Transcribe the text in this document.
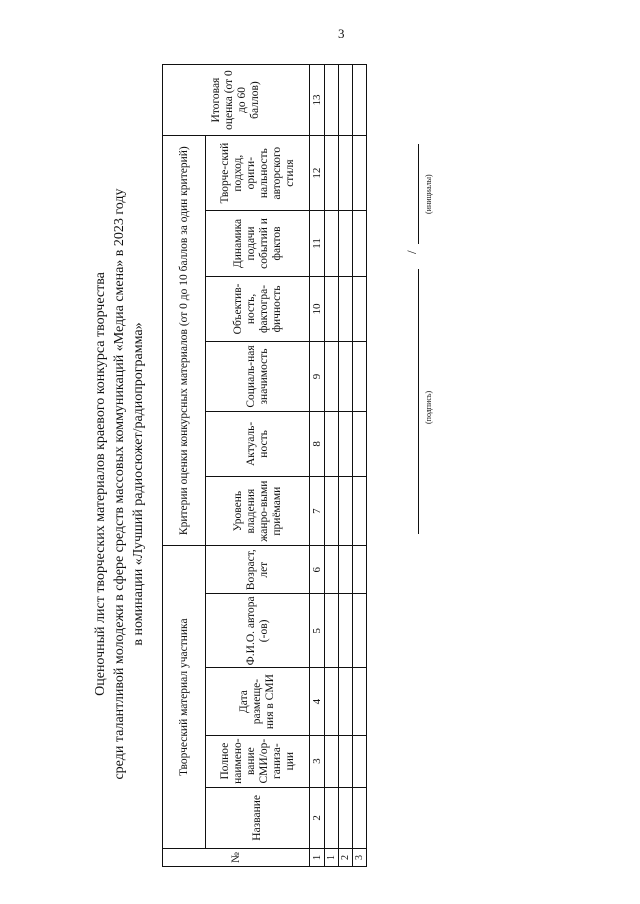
3
Оценочный лист творческих материалов краевого конкурса творчества среди талантливой молодежи в сфере средств массовых коммуникаций «Медиа смена» в 2023 году в номинации «Лучший радиосюжет/радиопрограмма»
№	Творческий материал участника					Критерии оценки конкурсных материалов (от 0 до 10 баллов за один критерий)						Итоговая оценка (от 0 до 60 баллов)
	Название	Полное наимено-вание СМИ/ор-ганиза-ции	Дата размеще-ния в СМИ	Ф.И.О. автора (-ов)	Возраст, лет	Уровень владения жанро-выми приёмами	Актуаль-ность	Социаль-ная значимость	Объектив-ность, фактогра-фичность	Динамика подачи событий и фактов	Творче-ский подход, ориги-нальность авторского стиля	
1	2	3	4	5	6	7	8	9	10	11	12	13
1												
2												
3												
/
(подпись)
(инициалы)
